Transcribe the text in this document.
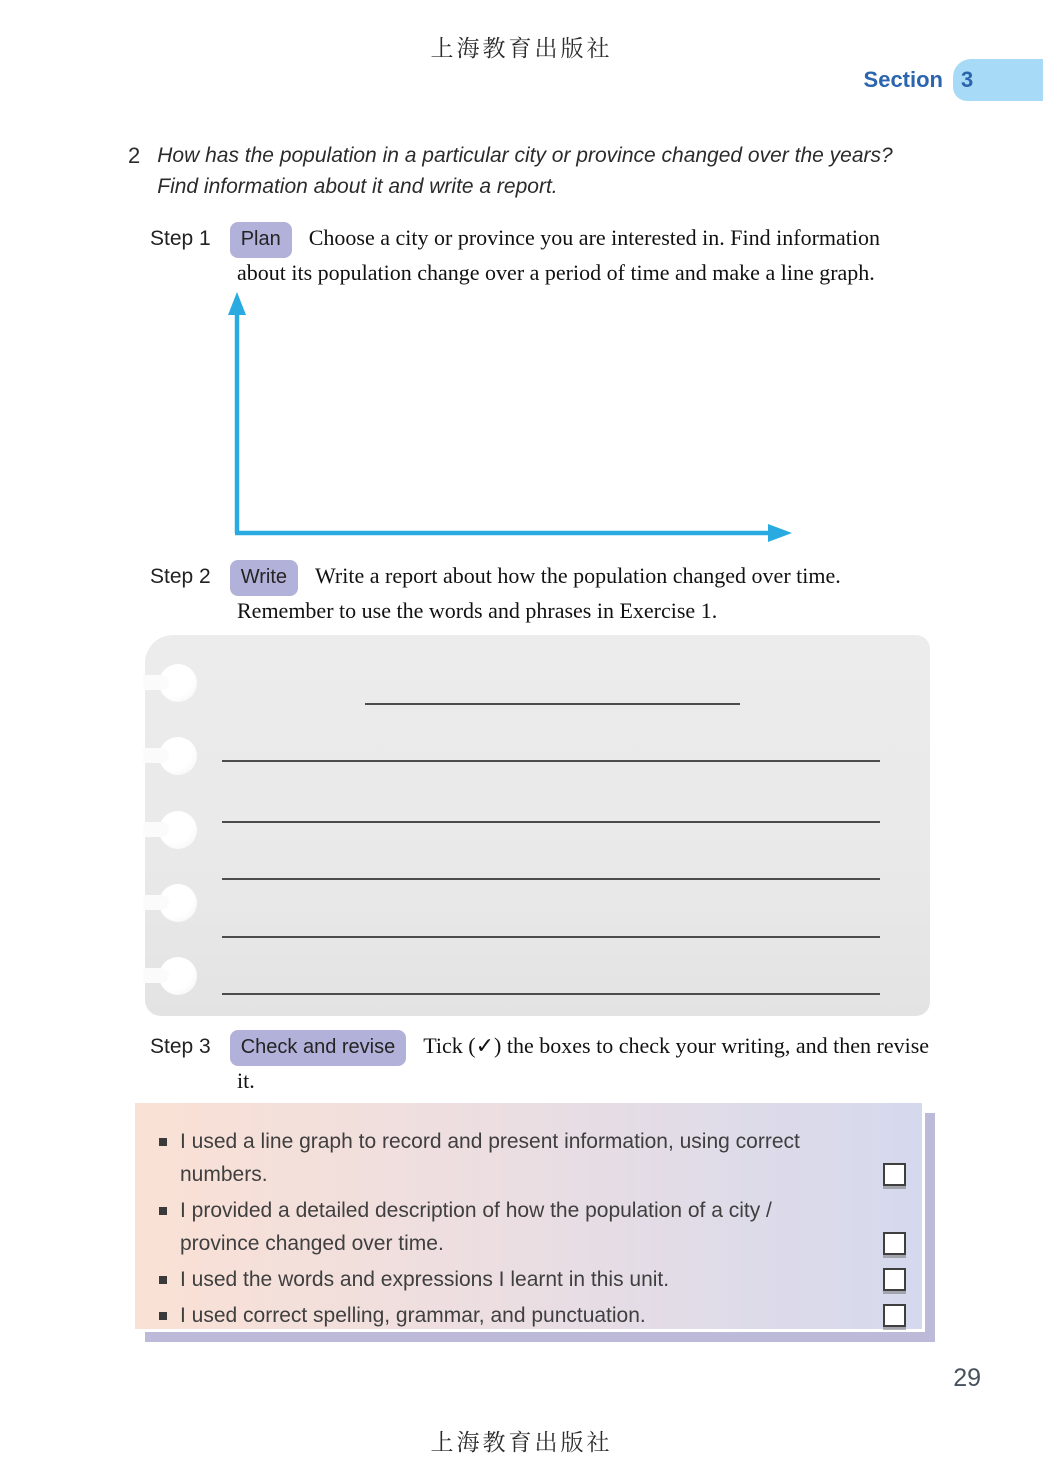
上海教育出版社
Section 3
2 How has the population in a particular city or province changed over the years? Find information about it and write a report.

Step 1 Plan Choose a city or province you are interested in. Find information about its population change over a period of time and make a line graph.

Step 2 Write Write a report about how the population changed over time. Remember to use the words and phrases in Exercise 1.

Step 3 Check and revise Tick (✓) the boxes to check your writing, and then revise it.

I used a line graph to record and present information, using correct numbers.
I provided a detailed description of how the population of a city / province changed over time.
I used the words and expressions I learnt in this unit.
I used correct spelling, grammar, and punctuation.
29
上海教育出版社
